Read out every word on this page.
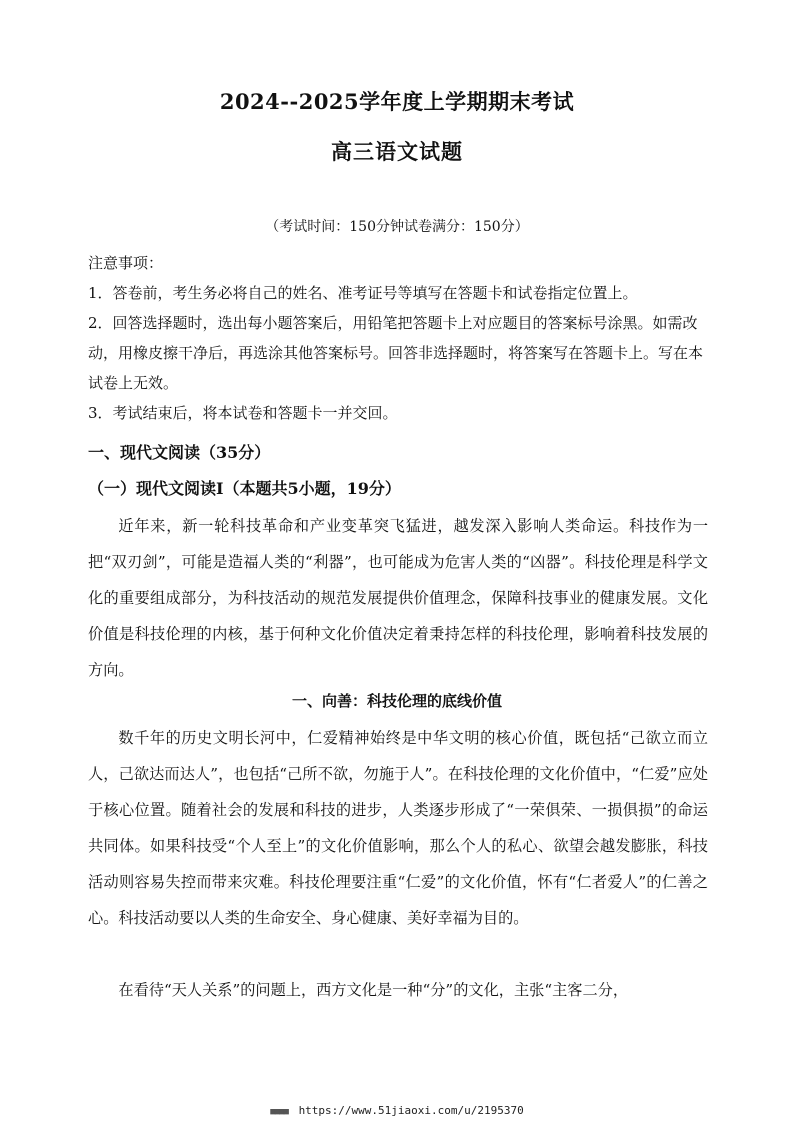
2024--2025学年度上学期期末考试
高三语文试题
（考试时间：150分钟试卷满分：150分）

注意事项：

1．答卷前，考生务必将自己的姓名、准考证号等填写在答题卡和试卷指定位置上。

2．回答选择题时，选出每小题答案后，用铅笔把答题卡上对应题目的答案标号涂黑。如需改动，用橡皮擦干净后，再选涂其他答案标号。回答非选择题时，将答案写在答题卡上。写在本试卷上无效。

3．考试结束后，将本试卷和答题卡一并交回。

一、现代文阅读（35分）
（一）现代文阅读Ⅰ（本题共5小题，19分）

近年来，新一轮科技革命和产业变革突飞猛进，越发深入影响人类命运。科技作为一把“双刃剑”，可能是造福人类的“利器”，也可能成为危害人类的“凶器”。科技伦理是科学文化的重要组成部分，为科技活动的规范发展提供价值理念，保障科技事业的健康发展。文化价值是科技伦理的内核，基于何种文化价值决定着秉持怎样的科技伦理，影响着科技发展的方向。

一、向善：科技伦理的底线价值

数千年的历史文明长河中，仁爱精神始终是中华文明的核心价值，既包括“己欲立而立人，己欲达而达人”，也包括“己所不欲，勿施于人”。在科技伦理的文化价值中，“仁爱”应处于核心位置。随着社会的发展和科技的进步，人类逐步形成了“一荣俱荣、一损俱损”的命运共同体。如果科技受“个人至上”的文化价值影响，那么个人的私心、欲望会越发膨胀，科技活动则容易失控而带来灾难。科技伦理要注重“仁爱”的文化价值，怀有“仁者爱人”的仁善之心。科技活动要以人类的生命安全、身心健康、美好幸福为目的。

在看待“天人关系”的问题上，西方文化是一种“分”的文化，主张“主客二分，

■■■■ https://www.51jiaoxi.com/u/2195370
